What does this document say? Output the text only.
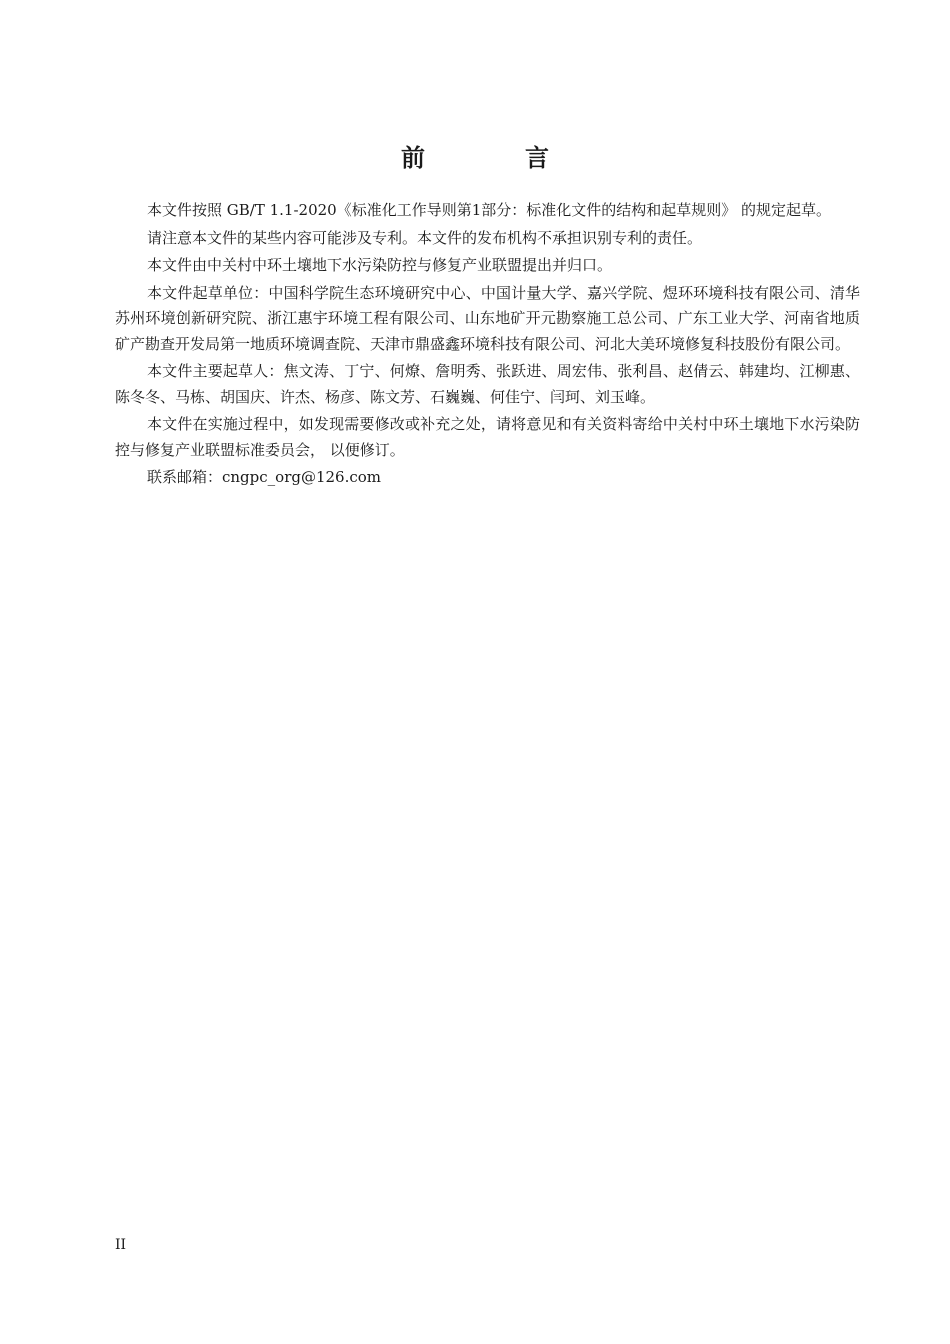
前　言

本文件按照 GB/T 1.1-2020《标准化工作导则第1部分：标准化文件的结构和起草规则》 的规定起草。

请注意本文件的某些内容可能涉及专利。本文件的发布机构不承担识别专利的责任。

本文件由中关村中环土壤地下水污染防控与修复产业联盟提出并归口。

本文件起草单位：中国科学院生态环境研究中心、中国计量大学、嘉兴学院、煜环环境科技有限公司、清华苏州环境创新研究院、浙江惠宇环境工程有限公司、山东地矿开元勘察施工总公司、广东工业大学、河南省地质矿产勘查开发局第一地质环境调查院、天津市鼎盛鑫环境科技有限公司、河北大美环境修复科技股份有限公司。

本文件主要起草人：焦文涛、丁宁、何燎、詹明秀、张跃进、周宏伟、张利昌、赵倩云、韩建均、江柳惠、陈冬冬、马栋、胡国庆、许杰、杨彦、陈文芳、石巍巍、何佳宁、闫珂、刘玉峰。

本文件在实施过程中，如发现需要修改或补充之处，请将意见和有关资料寄给中关村中环土壤地下水污染防控与修复产业联盟标准委员会， 以便修订。

联系邮箱：cngpc_org@126.com

II
